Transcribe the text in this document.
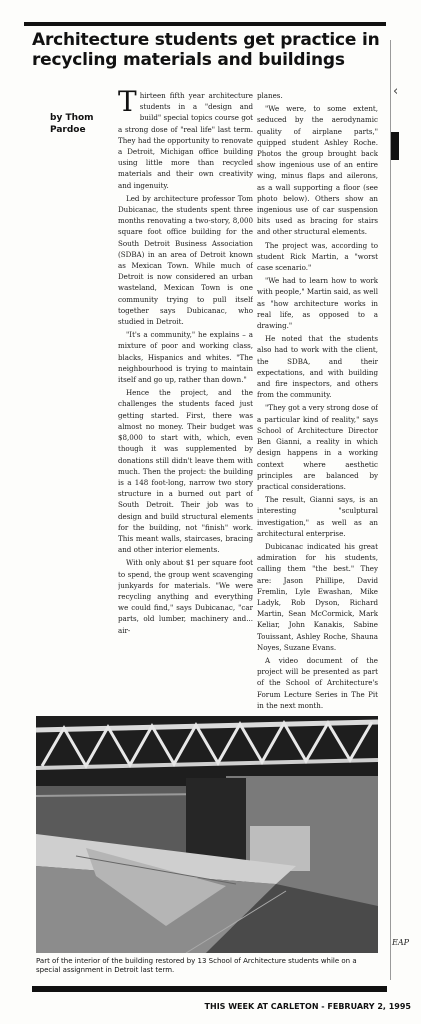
Architecture students get practice in recycling materials and buildings
by Thom Pardoe

Thirteen fifth year architecture students in a "design and build" special topics course got a strong dose of "real life" last term. They had the opportunity to renovate a Detroit, Michigan office building using little more than recycled materials and their own creativity and ingenuity.

Led by architecture professor Tom Dubicanac, the students spent three months renovating a two-story, 8,000 square foot office building for the South Detroit Business Association (SDBA) in an area of Detroit known as Mexican Town. While much of Detroit is now considered an urban wasteland, Mexican Town is one community trying to pull itself together says Dubicanac, who studied in Detroit.

"It's a community," he explains – a mixture of poor and working class, blacks, Hispanics and whites. "The neighbourhood is trying to maintain itself and go up, rather than down."

Hence the project, and the challenges the students faced just getting started. First, there was almost no money. Their budget was $8,000 to start with, which, even though it was supplemented by donations still didn't leave them with much. Then the project: the building is a 148 foot-long, narrow two story structure in a burned out part of South Detroit. Their job was to design and build structural elements for the building, not "finish" work. This meant walls, staircases, bracing and other interior elements.

With only about $1 per square foot to spend, the group went scavenging junkyards for materials. "We were recycling anything and everything we could find," says Dubicanac, "car parts, old lumber, machinery and... air-

planes.

"We were, to some extent, seduced by the aerodynamic quality of airplane parts," quipped student Ashley Roche. Photos the group brought back show ingenious use of an entire wing, minus flaps and ailerons, as a wall supporting a floor (see photo below). Others show an ingenious use of car suspension bits used as bracing for stairs and other structural elements.

The project was, according to student Rick Martin, a "worst case scenario."

"We had to learn how to work with people," Martin said, as well as "how architecture works in real life, as opposed to a drawing."

He noted that the students also had to work with the client, the SDBA, and their expectations, and with building and fire inspectors, and others from the community.

"They got a very strong dose of a particular kind of reality," says School of Architecture Director Ben Gianni, a reality in which design happens in a working context where aesthetic principles are balanced by practical considerations.

The result, Gianni says, is an interesting "sculptural investigation," as well as an architectural enterprise.

Dubicanac indicated his great admiration for his students, calling them "the best." They are: Jason Phillipe, David Fremlin, Lyle Ewashan, Mike Ladyk, Rob Dyson, Richard Martin, Sean McCormick, Mark Keliar, John Kanakis, Sabine Touissant, Ashley Roche, Shauna Noyes, Suzane Evans.

A video document of the project will be presented as part of the School of Architecture's Forum Lecture Series in The Pit in the next month.

‹
EAP
Part of the interior of the building restored by 13 School of Architecture students while on a special assignment in Detroit last term.
THIS WEEK AT CARLETON - FEBRUARY 2, 1995
